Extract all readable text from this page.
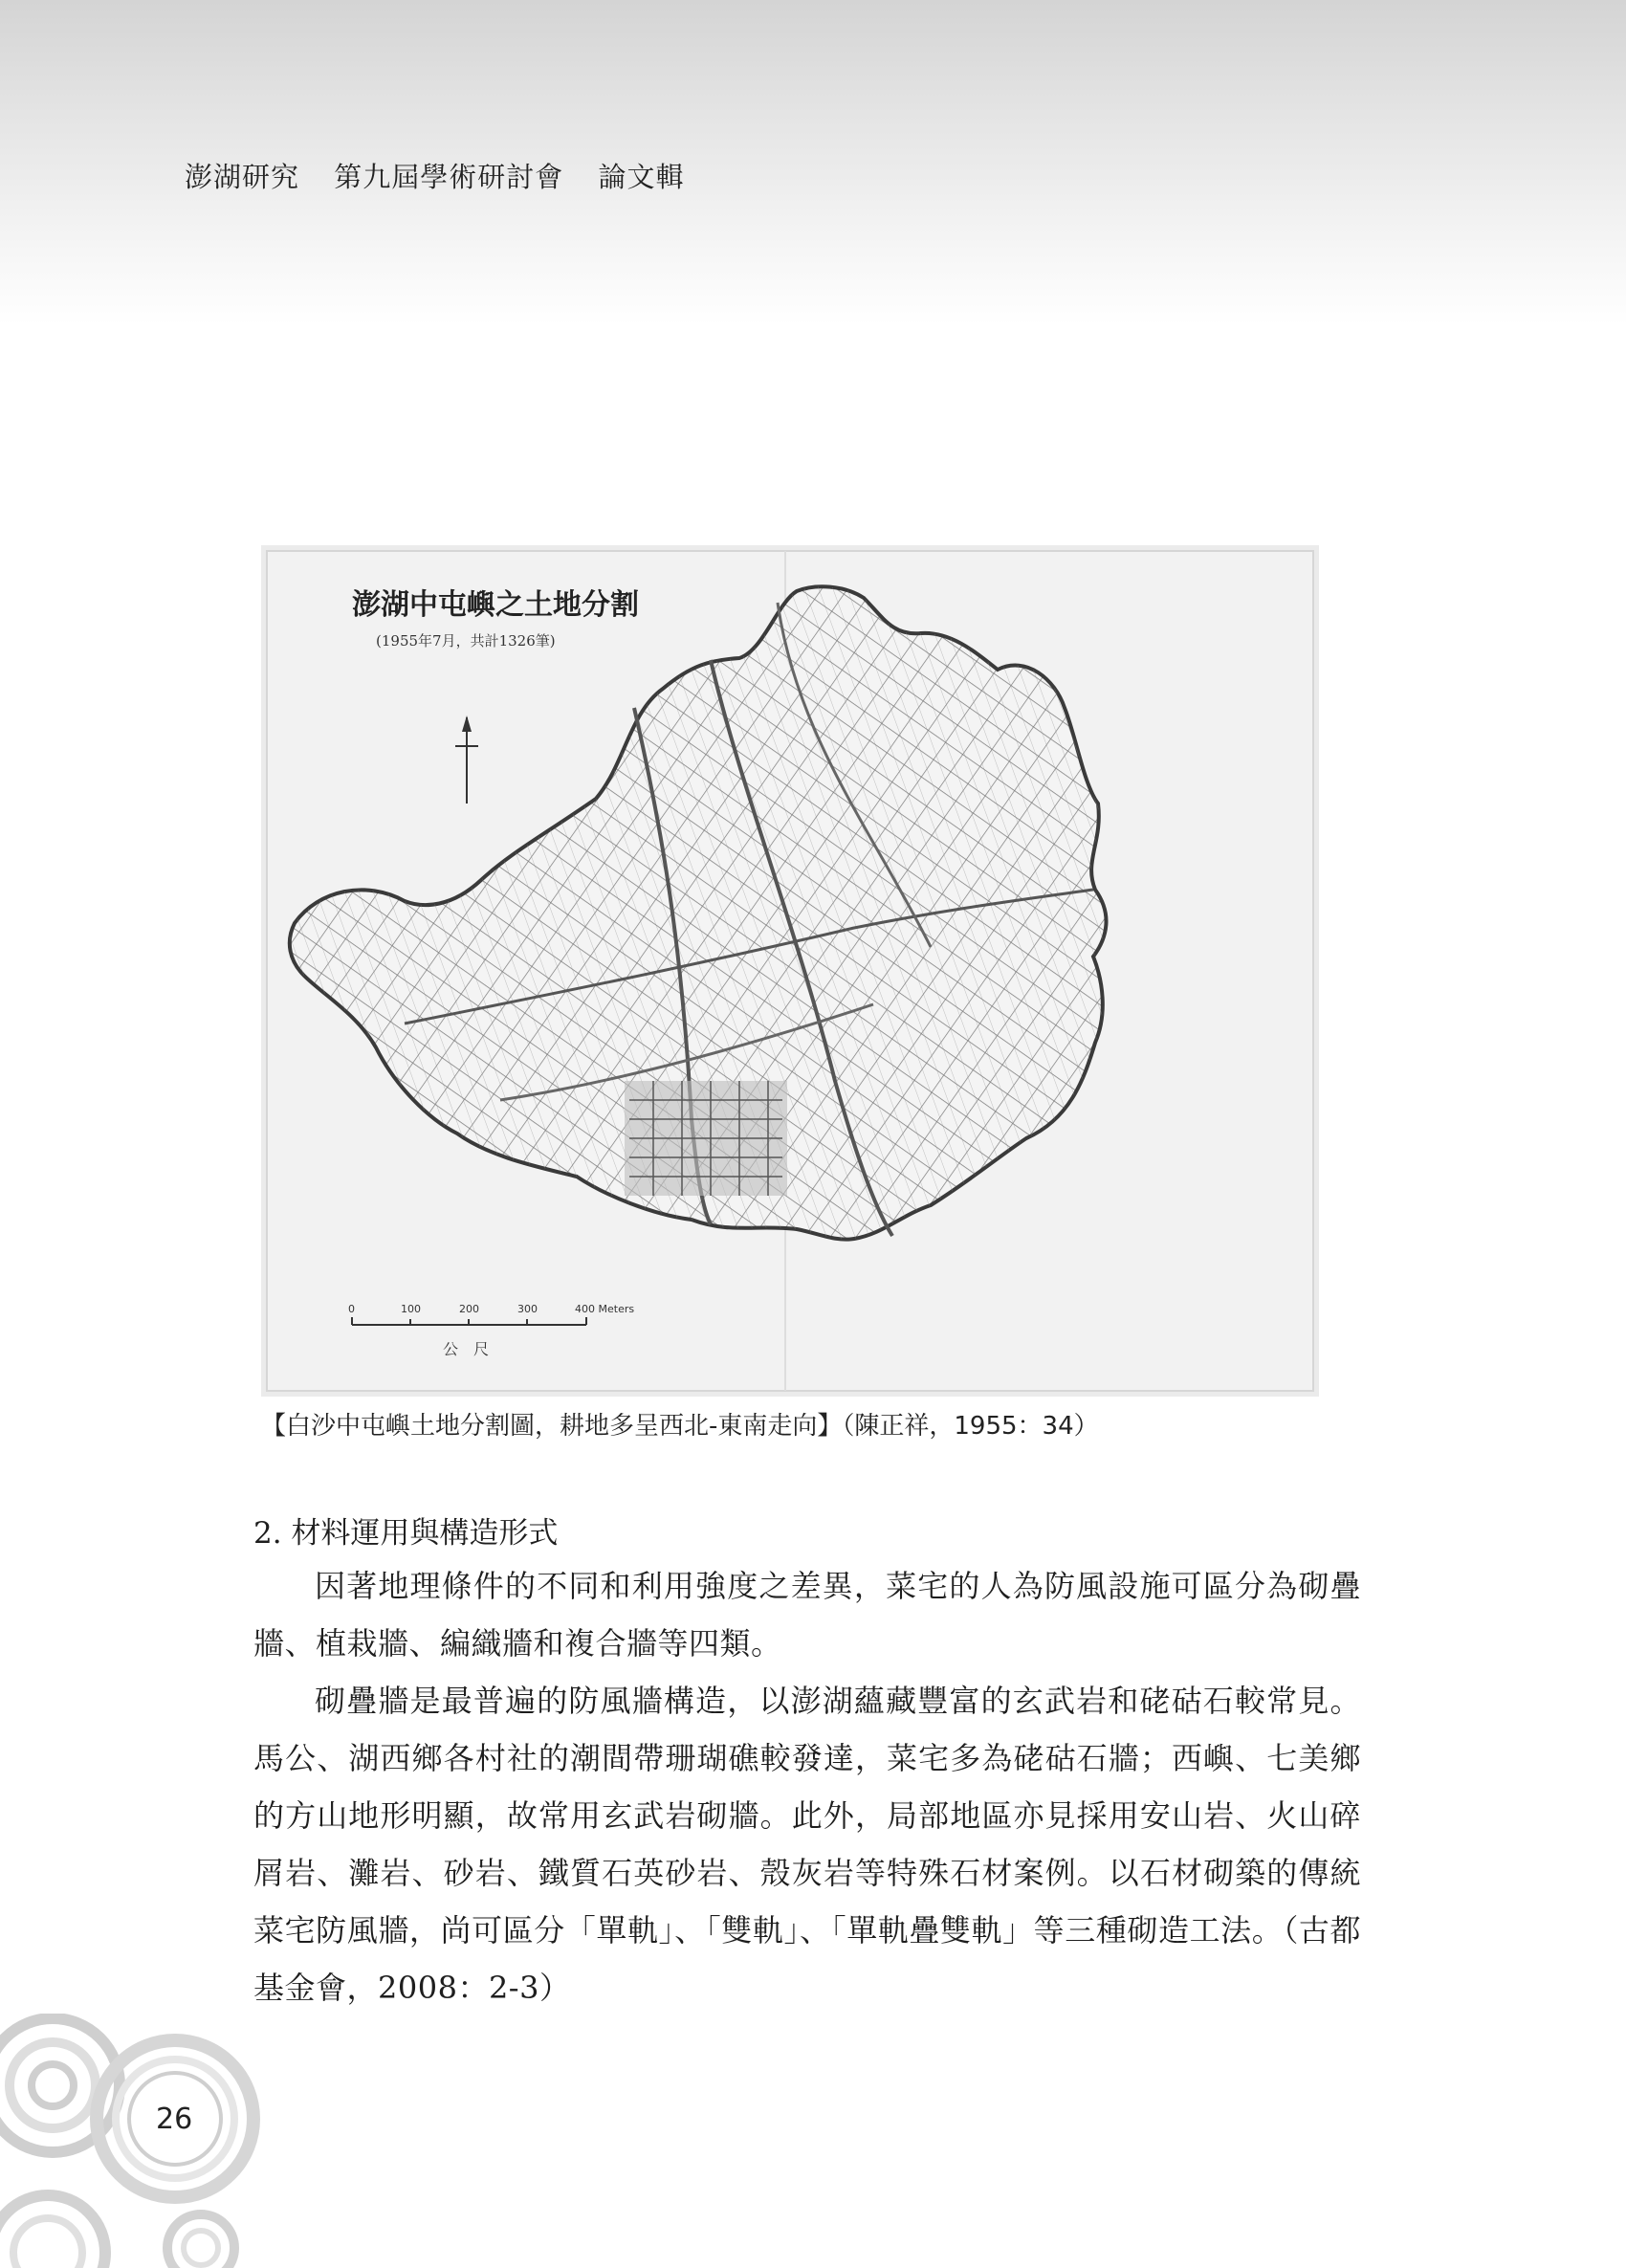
澎湖研究 第九屆學術研討會 論文輯
澎湖中屯嶼之土地分割
(1955年7月，共計1326筆)
0	100	200	300	400 Meters
公　尺
【白沙中屯嶼土地分割圖，耕地多呈西北-東南走向】（陳正祥，1955：34）
2. 材料運用與構造形式

因著地理條件的不同和利用強度之差異，菜宅的人為防風設施可區分為砌疊牆、植栽牆、編織牆和複合牆等四類。

砌疊牆是最普遍的防風牆構造，以澎湖蘊藏豐富的玄武岩和硓𥑮石較常見。馬公、湖西鄉各村社的潮間帶珊瑚礁較發達，菜宅多為硓𥑮石牆；西嶼、七美鄉的方山地形明顯，故常用玄武岩砌牆。此外，局部地區亦見採用安山岩、火山碎屑岩、灘岩、砂岩、鐵質石英砂岩、殼灰岩等特殊石材案例。以石材砌築的傳統菜宅防風牆，尚可區分「單軌」、「雙軌」、「單軌疊雙軌」等三種砌造工法。（古都基金會，2008：2-3）

26
